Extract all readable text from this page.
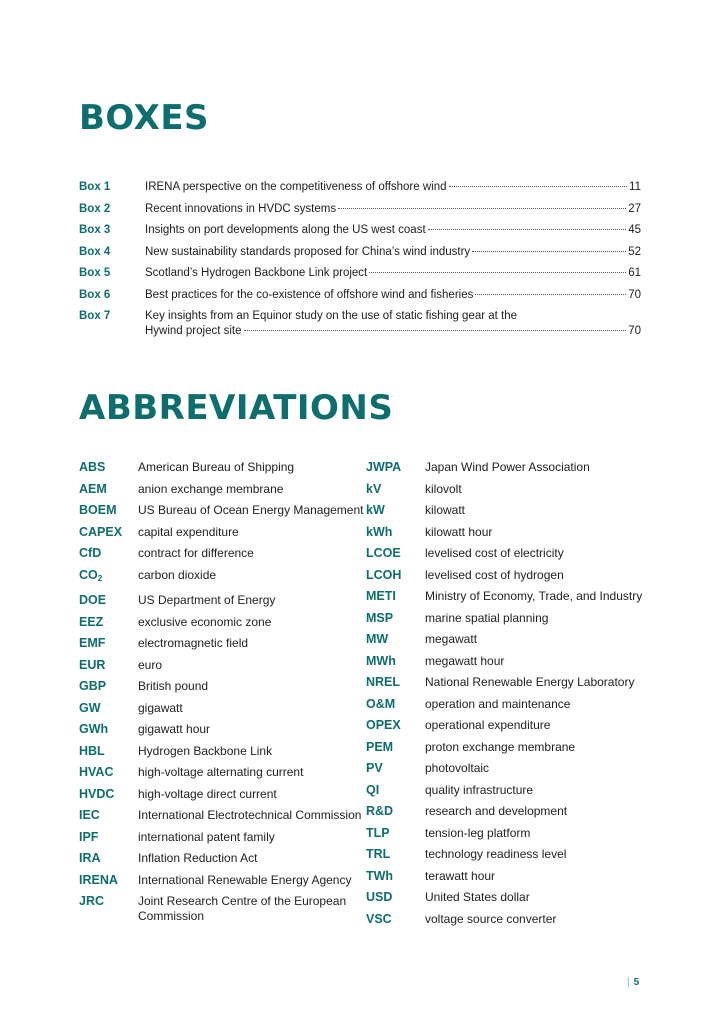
BOXES
Box 1	IRENA perspective on the competitiveness of offshore wind	11
Box 2	Recent innovations in HVDC systems	27
Box 3	Insights on port developments along the US west coast	45
Box 4	New sustainability standards proposed for China’s wind industry	52
Box 5	Scotland’s Hydrogen Backbone Link project	61
Box 6	Best practices for the co-existence of offshore wind and fisheries	70
Box 7	Key insights from an Equinor study on the use of static fishing gear at the
Hywind project site	70
ABBREVIATIONS
ABS	American Bureau of Shipping
AEM	anion exchange membrane
BOEM	US Bureau of Ocean Energy Management
CAPEX	capital expenditure
CfD	contract for difference
$CO_2$	carbon dioxide
DOE	US Department of Energy
EEZ	exclusive economic zone
EMF	electromagnetic field
EUR	euro
GBP	British pound
GW	gigawatt
GWh	gigawatt hour
HBL	Hydrogen Backbone Link
HVAC	high-voltage alternating current
HVDC	high-voltage direct current
IEC	International Electrotechnical Commission
IPF	international patent family
IRA	Inflation Reduction Act
IRENA	International Renewable Energy Agency
JRC	Joint Research Centre of the European Commission
JWPA	Japan Wind Power Association
kV	kilovolt
kW	kilowatt
kWh	kilowatt hour
LCOE	levelised cost of electricity
LCOH	levelised cost of hydrogen
METI	Ministry of Economy, Trade, and Industry
MSP	marine spatial planning
MW	megawatt
MWh	megawatt hour
NREL	National Renewable Energy Laboratory
O&M	operation and maintenance
OPEX	operational expenditure
PEM	proton exchange membrane
PV	photovoltaic
QI	quality infrastructure
R&D	research and development
TLP	tension-leg platform
TRL	technology readiness level
TWh	terawatt hour
USD	United States dollar
VSC	voltage source converter
| 5
